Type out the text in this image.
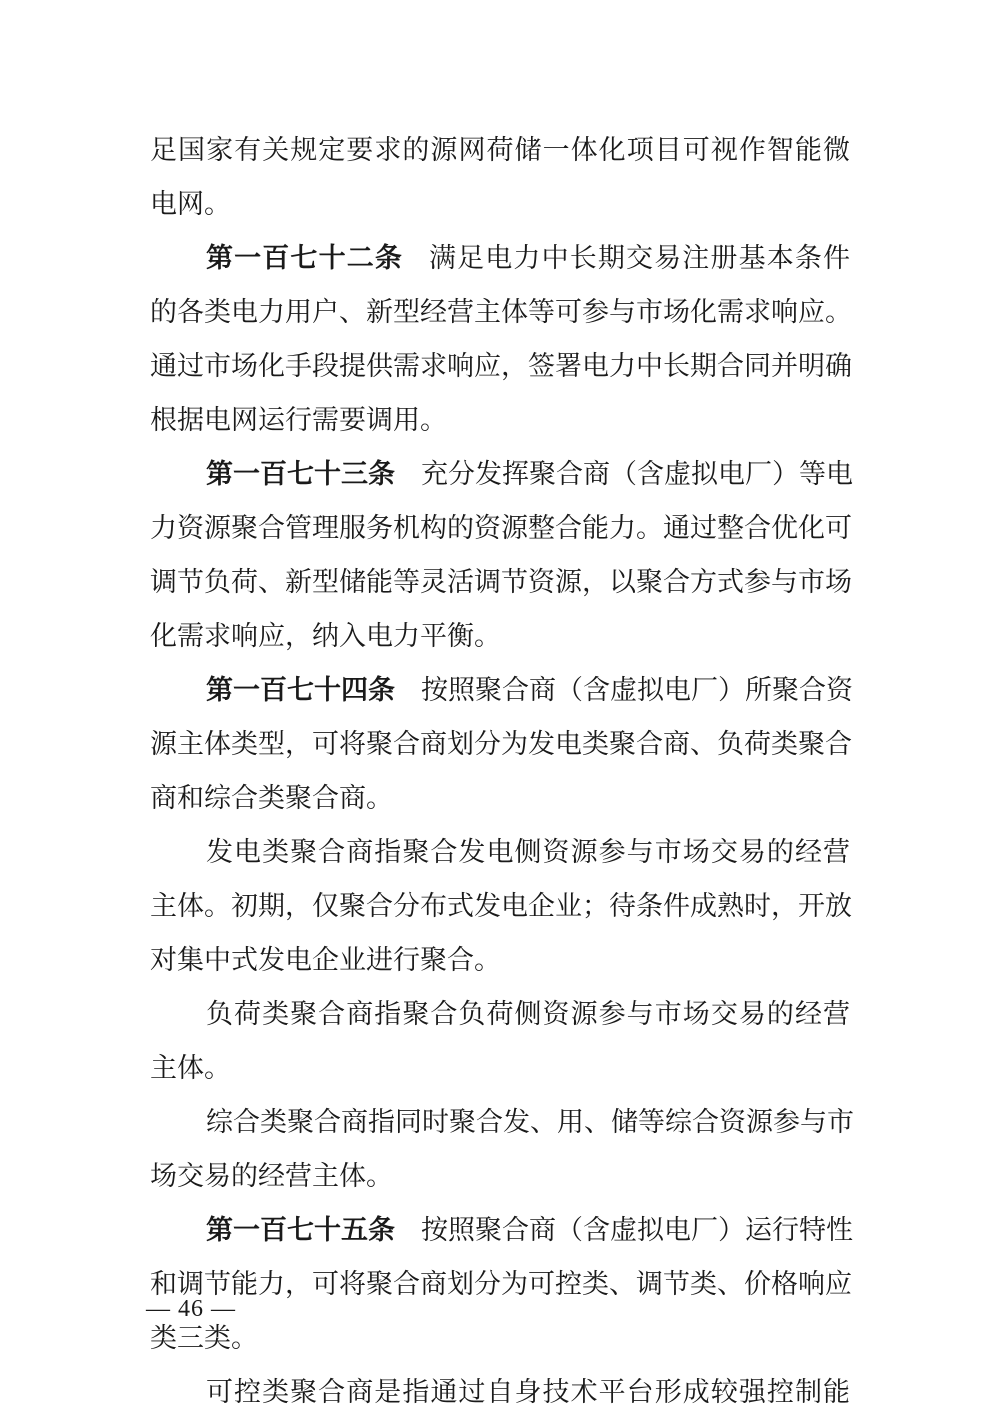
足国家有关规定要求的源网荷储一体化项目可视作智能微
电网。
第一百七十二条 满足电力中长期交易注册基本条件
的各类电力用户、新型经营主体等可参与市场化需求响应。
通过市场化手段提供需求响应，签署电力中长期合同并明确
根据电网运行需要调用。
第一百七十三条 充分发挥聚合商（含虚拟电厂）等电
力资源聚合管理服务机构的资源整合能力。通过整合优化可
调节负荷、新型储能等灵活调节资源，以聚合方式参与市场
化需求响应，纳入电力平衡。
第一百七十四条 按照聚合商（含虚拟电厂）所聚合资
源主体类型，可将聚合商划分为发电类聚合商、负荷类聚合
商和综合类聚合商。
发电类聚合商指聚合发电侧资源参与市场交易的经营
主体。初期，仅聚合分布式发电企业；待条件成熟时，开放
对集中式发电企业进行聚合。
负荷类聚合商指聚合负荷侧资源参与市场交易的经营
主体。
综合类聚合商指同时聚合发、用、储等综合资源参与市
场交易的经营主体。
第一百七十五条 按照聚合商（含虚拟电厂）运行特性
和调节能力，可将聚合商划分为可控类、调节类、价格响应
类三类。
可控类聚合商是指通过自身技术平台形成较强控制能
— 46 —
